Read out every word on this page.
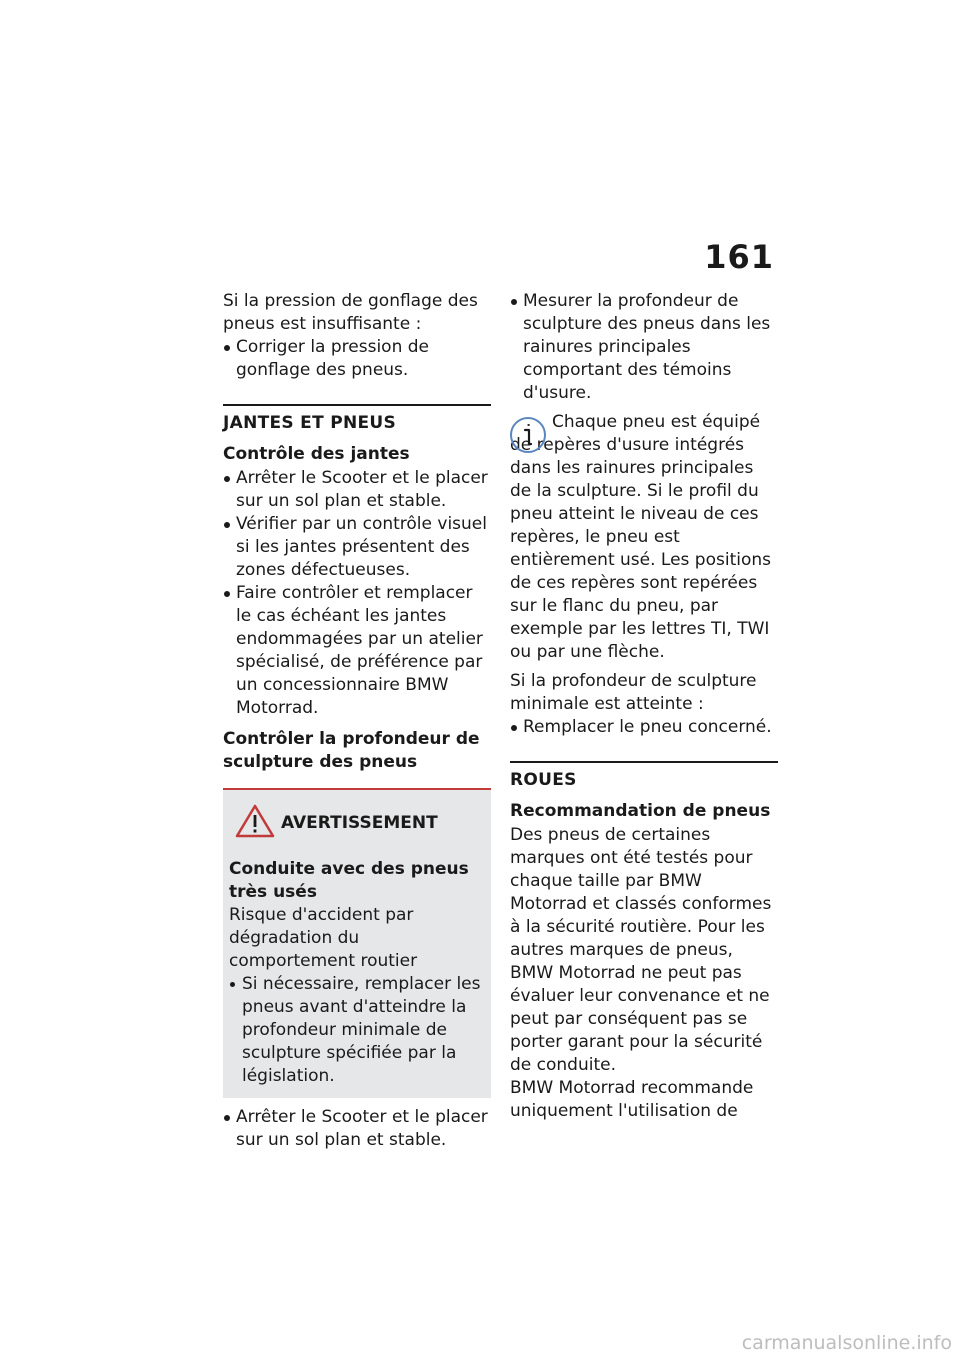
161

Si la pression de gonflage des pneus est insuffisante :

Corriger la pression de gonflage des pneus.
JANTES ET PNEUS
Contrôle des jantes
Arrêter le Scooter et le placer sur un sol plan et stable.
Vérifier par un contrôle visuel si les jantes présentent des zones défectueuses.
Faire contrôler et remplacer le cas échéant les jantes endommagées par un atelier spécialisé, de préférence par un concessionnaire BMW Motorrad.
Contrôler la profondeur de sculpture des pneus
AVERTISSEMENT

Conduite avec des pneus très usés

Risque d'accident par dégradation du comportement routier

Si nécessaire, remplacer les pneus avant d'atteindre la profondeur minimale de sculpture spécifiée par la législation.
Arrêter le Scooter et le placer sur un sol plan et stable.
Mesurer la profondeur de sculpture des pneus dans les rainures principales comportant des témoins d'usure.

Chaque pneu est équipé de repères d'usure intégrés dans les rainures principales de la sculpture. Si le profil du pneu atteint le niveau de ces repères, le pneu est entièrement usé. Les positions de ces repères sont repérées sur le flanc du pneu, par exemple par les lettres TI, TWI ou par une flèche.

Si la profondeur de sculpture minimale est atteinte :

Remplacer le pneu concerné.
ROUES
Recommandation de pneus

Des pneus de certaines marques ont été testés pour chaque taille par BMW Motorrad et classés conformes à la sécurité routière. Pour les autres marques de pneus, BMW Motorrad ne peut pas évaluer leur convenance et ne peut par conséquent pas se porter garant pour la sécurité de conduite.

BMW Motorrad recommande uniquement l'utilisation de

carmanualsonline.info
